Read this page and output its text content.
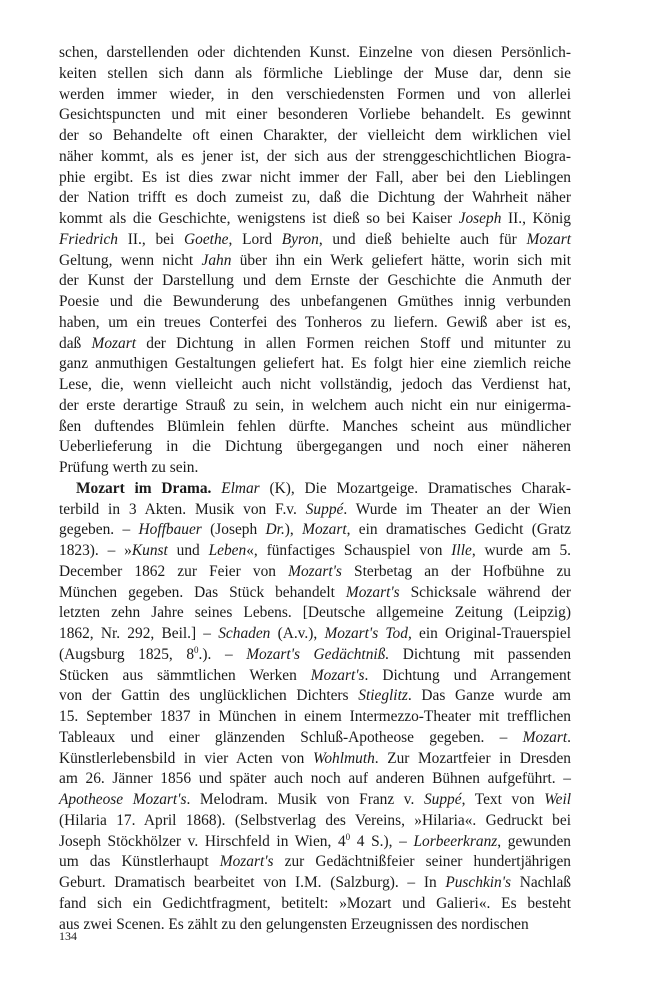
schen, darstellenden oder dichtenden Kunst. Einzelne von diesen Persönlich-
keiten stellen sich dann als förmliche Lieblinge der Muse dar, denn sie
werden immer wieder, in den verschiedensten Formen und von allerlei
Gesichtspuncten und mit einer besonderen Vorliebe behandelt. Es gewinnt
der so Behandelte oft einen Charakter, der vielleicht dem wirklichen viel
näher kommt, als es jener ist, der sich aus der strenggeschichtlichen Biogra-
phie ergibt. Es ist dies zwar nicht immer der Fall, aber bei den Lieblingen
der Nation trifft es doch zumeist zu, daß die Dichtung der Wahrheit näher
kommt als die Geschichte, wenigstens ist dieß so bei Kaiser Joseph II., König
Friedrich II., bei Goethe, Lord Byron, und dieß behielte auch für Mozart
Geltung, wenn nicht Jahn über ihn ein Werk geliefert hätte, worin sich mit
der Kunst der Darstellung und dem Ernste der Geschichte die Anmuth der
Poesie und die Bewunderung des unbefangenen Gmüthes innig verbunden
haben, um ein treues Conterfei des Tonheros zu liefern. Gewiß aber ist es,
daß Mozart der Dichtung in allen Formen reichen Stoff und mitunter zu
ganz anmuthigen Gestaltungen geliefert hat. Es folgt hier eine ziemlich reiche
Lese, die, wenn vielleicht auch nicht vollständig, jedoch das Verdienst hat,
der erste derartige Strauß zu sein, in welchem auch nicht ein nur einigerma-
ßen duftendes Blümlein fehlen dürfte. Manches scheint aus mündlicher
Ueberlieferung in die Dichtung übergegangen und noch einer näheren
Prüfung werth zu sein.
Mozart im Drama. Elmar (K), Die Mozartgeige. Dramatisches Charak-
terbild in 3 Akten. Musik von F.v. Suppé. Wurde im Theater an der Wien
gegeben. – Hoffbauer (Joseph Dr.), Mozart, ein dramatisches Gedicht (Gratz
1823). – »Kunst und Leben«, fünfactiges Schauspiel von Ille, wurde am 5.
December 1862 zur Feier von Mozart's Sterbetag an der Hofbühne zu
München gegeben. Das Stück behandelt Mozart's Schicksale während der
letzten zehn Jahre seines Lebens. [Deutsche allgemeine Zeitung (Leipzig)
1862, Nr. 292, Beil.] – Schaden (A.v.), Mozart's Tod, ein Original-Trauerspiel
(Augsburg 1825, $8^0$.). – Mozart's Gedächtniß. Dichtung mit passenden
Stücken aus sämmtlichen Werken Mozart's. Dichtung und Arrangement
von der Gattin des unglücklichen Dichters Stieglitz. Das Ganze wurde am
15. September 1837 in München in einem Intermezzo-Theater mit trefflichen
Tableaux und einer glänzenden Schluß-Apotheose gegeben. – Mozart.
Künstlerlebensbild in vier Acten von Wohlmuth. Zur Mozartfeier in Dresden
am 26. Jänner 1856 und später auch noch auf anderen Bühnen aufgeführt. –
Apotheose Mozart's. Melodram. Musik von Franz v. Suppé, Text von Weil
(Hilaria 17. April 1868). (Selbstverlag des Vereins, »Hilaria«. Gedruckt bei
Joseph Stöckhölzer v. Hirschfeld in Wien, $4^0$ 4 S.), – Lorbeerkranz, gewunden
um das Künstlerhaupt Mozart's zur Gedächtnißfeier seiner hundertjährigen
Geburt. Dramatisch bearbeitet von I.M. (Salzburg). – In Puschkin's Nachlaß
fand sich ein Gedichtfragment, betitelt: »Mozart und Galieri«. Es besteht
aus zwei Scenen. Es zählt zu den gelungensten Erzeugnissen des nordischen
134
